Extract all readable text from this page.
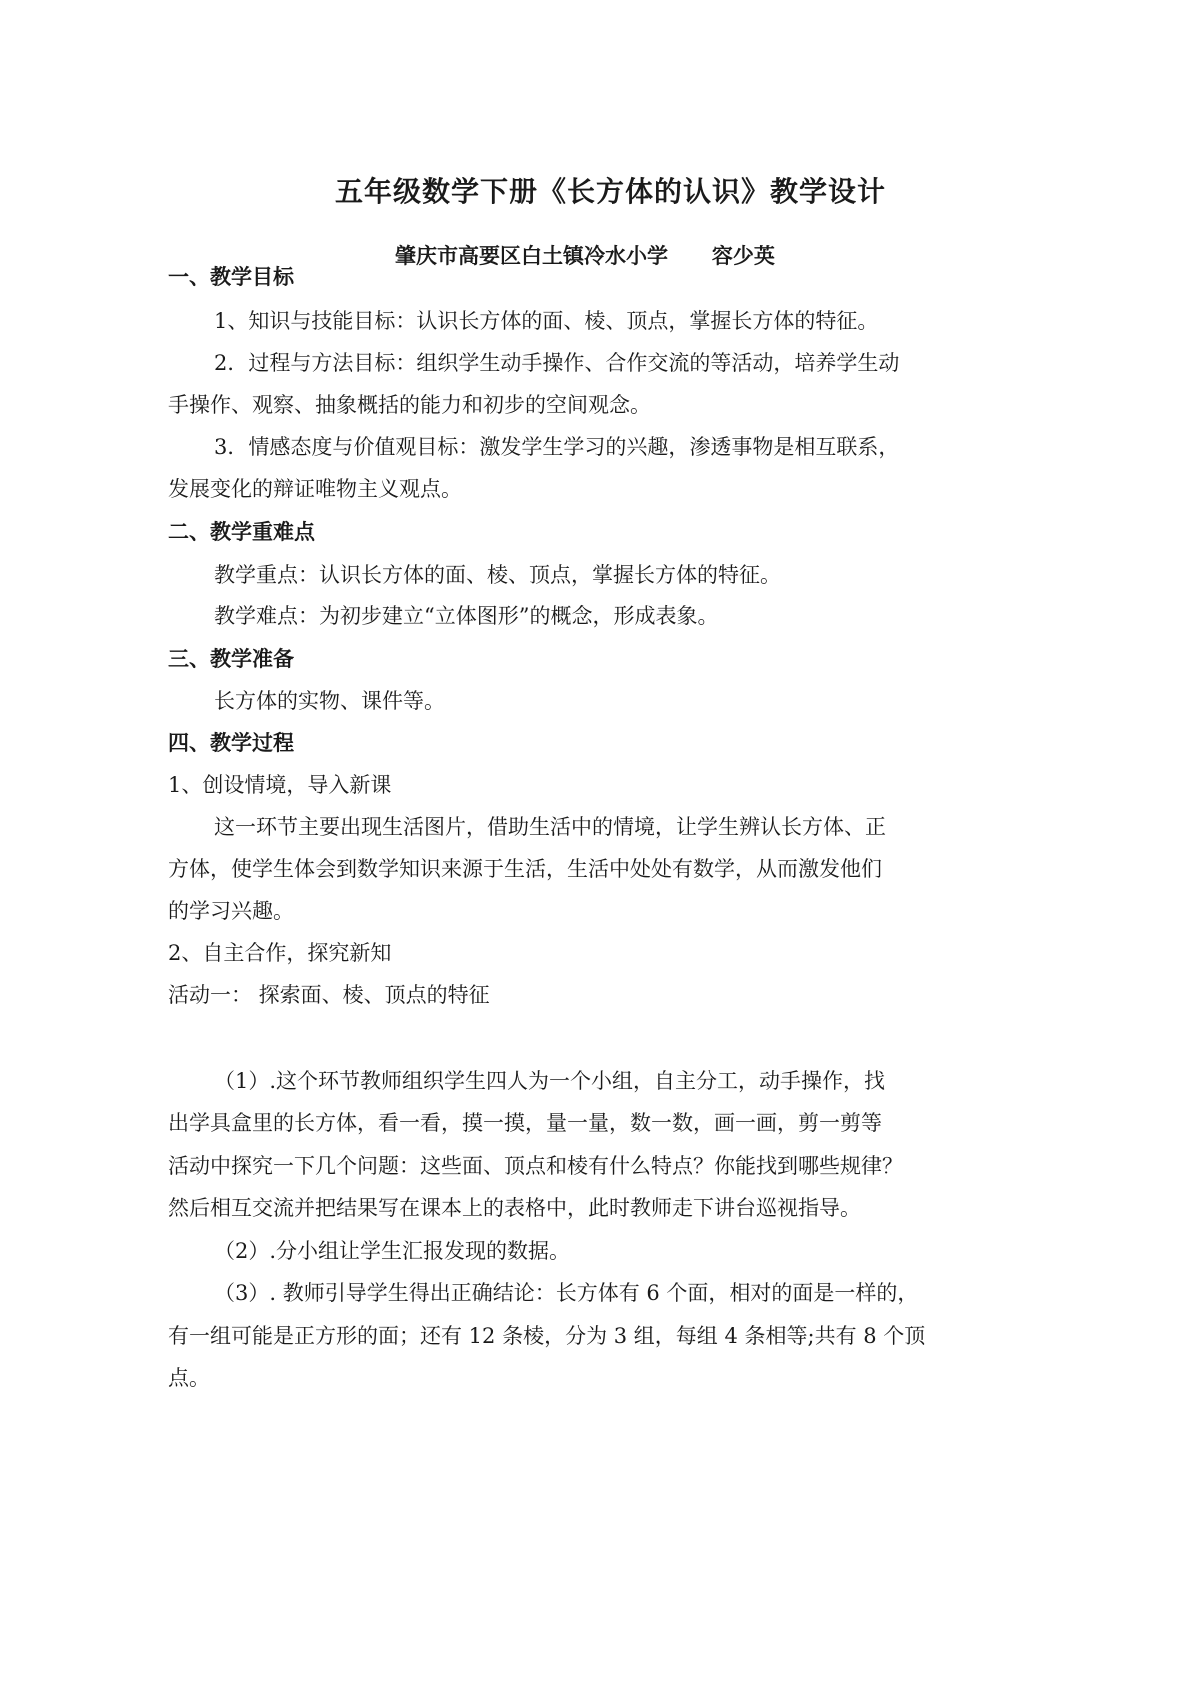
五年级数学下册《长方体的认识》教学设计
肇庆市高要区白土镇冷水小学      容少英
一、教学目标
1、知识与技能目标：认识长方体的面、棱、顶点，掌握长方体的特征。
2．过程与方法目标：组织学生动手操作、合作交流的等活动，培养学生动
手操作、观察、抽象概括的能力和初步的空间观念。
3．情感态度与价值观目标：激发学生学习的兴趣，渗透事物是相互联系，
发展变化的辩证唯物主义观点。
二、教学重难点
教学重点：认识长方体的面、棱、顶点，掌握长方体的特征。
教学难点：为初步建立“立体图形”的概念，形成表象。
三、教学准备
长方体的实物、课件等。
四、教学过程
1、创设情境，导入新课
这一环节主要出现生活图片，借助生活中的情境，让学生辨认长方体、正
方体，使学生体会到数学知识来源于生活，生活中处处有数学，从而激发他们
的学习兴趣。
2、自主合作，探究新知
活动一： 探索面、棱、顶点的特征
（1）.这个环节教师组织学生四人为一个小组，自主分工，动手操作，找
出学具盒里的长方体，看一看，摸一摸，量一量，数一数，画一画，剪一剪等
活动中探究一下几个问题：这些面、顶点和棱有什么特点？你能找到哪些规律？
然后相互交流并把结果写在课本上的表格中，此时教师走下讲台巡视指导。
（2）.分小组让学生汇报发现的数据。
（3）. 教师引导学生得出正确结论：长方体有 6 个面，相对的面是一样的，
有一组可能是正方形的面；还有 12 条棱，分为 3 组，每组 4 条相等;共有 8 个顶
点。
